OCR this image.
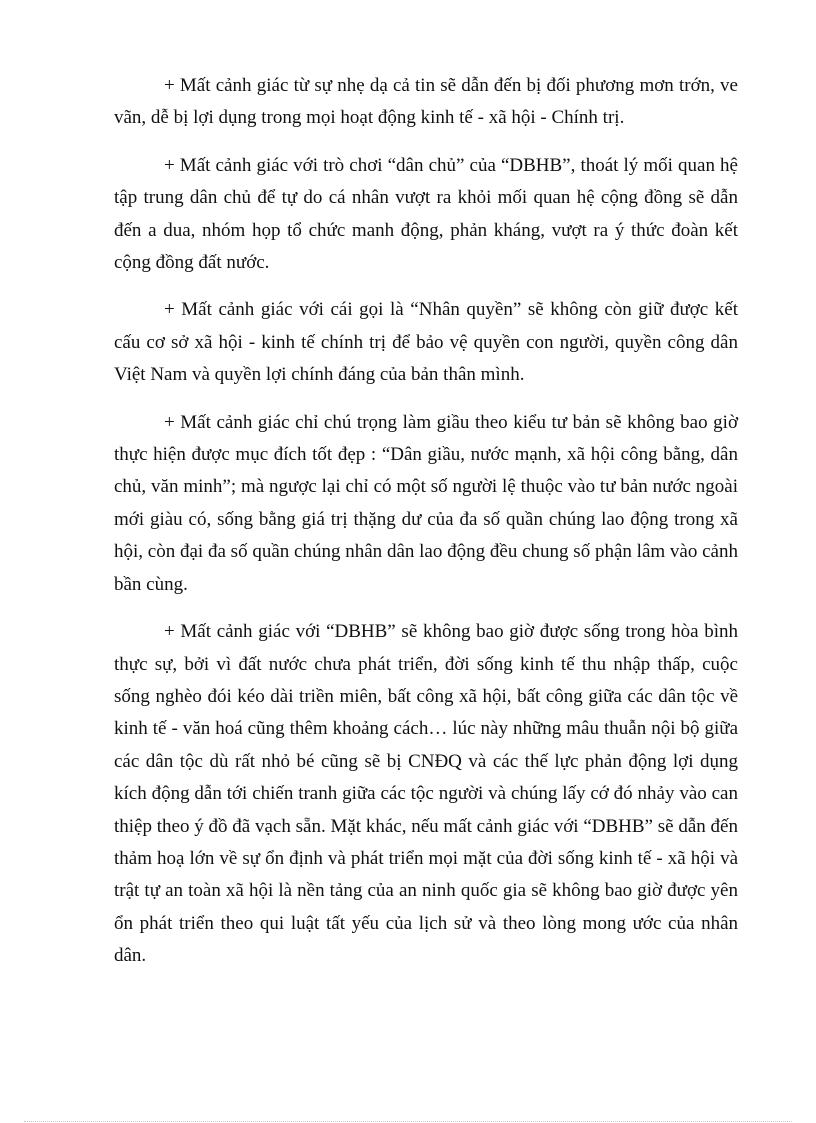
+ Mất cảnh giác từ sự nhẹ dạ cả tin sẽ dẫn đến bị đối phương mơn trớn, ve vãn, dễ bị lợi dụng trong mọi hoạt động kinh tế - xã hội - Chính trị.

+ Mất cảnh giác với trò chơi “dân chủ” của “DBHB”, thoát lý mối quan hệ tập trung dân chủ để tự do cá nhân vượt ra khỏi mối quan hệ cộng đồng sẽ dẫn đến a dua, nhóm họp tổ chức manh động, phản kháng, vượt ra ý thức đoàn kết cộng đồng đất nước.

+ Mất cảnh giác với cái gọi là “Nhân quyền” sẽ không còn giữ được kết cấu cơ sở xã hội - kinh tế chính trị để bảo vệ quyền con người, quyền công dân Việt Nam và quyền lợi chính đáng của bản thân mình.

+ Mất cảnh giác chỉ chú trọng làm giầu theo kiểu tư bản sẽ không bao giờ thực hiện được mục đích tốt đẹp : “Dân giầu, nước mạnh, xã hội công bằng, dân chủ, văn minh”; mà ngược lại chỉ có một số người lệ thuộc vào tư bản nước ngoài mới giàu có, sống bằng giá trị thặng dư của đa số quần chúng lao động trong xã hội, còn đại đa số quần chúng nhân dân lao động đều chung số phận lâm vào cảnh bần cùng.

+ Mất cảnh giác với “DBHB” sẽ không bao giờ được sống trong hòa bình thực sự, bởi vì đất nước chưa phát triển, đời sống kinh tế thu nhập thấp, cuộc sống nghèo đói kéo dài triền miên, bất công xã hội, bất công giữa các dân tộc về kinh tế - văn hoá cũng thêm khoảng cách… lúc này những mâu thuẫn nội bộ giữa các dân tộc dù rất nhỏ bé cũng sẽ bị CNĐQ và các thế lực phản động lợi dụng kích động dẫn tới chiến tranh giữa các tộc người và chúng lấy cớ đó nhảy vào can thiệp theo ý đồ đã vạch sẵn. Mặt khác, nếu mất cảnh giác với “DBHB” sẽ dẫn đến thảm hoạ lớn về sự ổn định và phát triển mọi mặt của đời sống kinh tế - xã hội và trật tự an toàn xã hội là nền tảng của an ninh quốc gia sẽ không bao giờ được yên ổn phát triển theo qui luật tất yếu của lịch sử và theo lòng mong ước của nhân dân.
